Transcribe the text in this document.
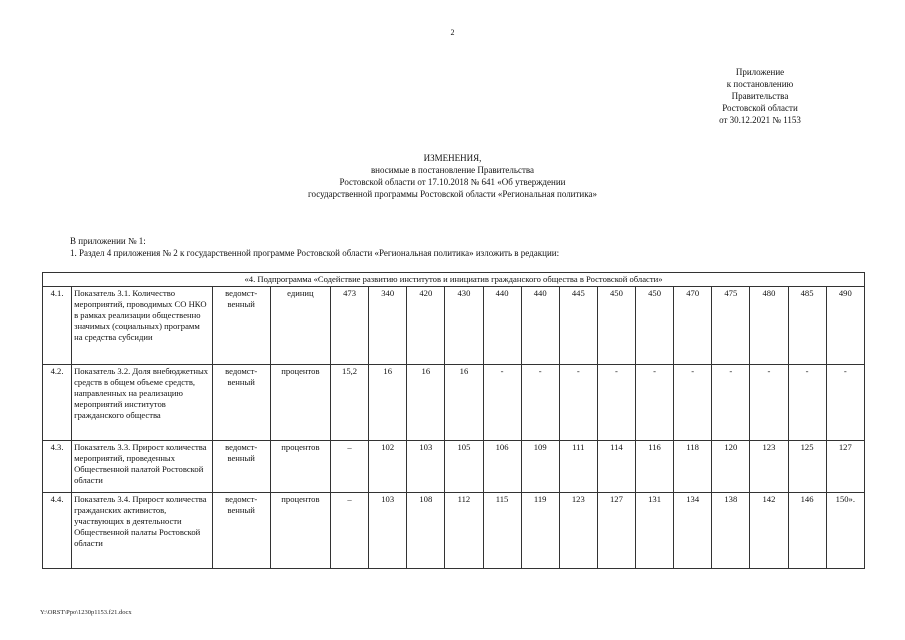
2
Приложение
к постановлению
Правительства
Ростовской области
от 30.12.2021 № 1153
ИЗМЕНЕНИЯ,
вносимые в постановление Правительства
Ростовской области от 17.10.2018 № 641 «Об утверждении
государственной программы Ростовской области «Региональная политика»
В приложении № 1:
1. Раздел 4 приложения № 2 к государственной программе Ростовской области «Региональная политика» изложить в редакции:
«4. Подпрограмма «Содействие развитию институтов и инициатив гражданского общества в Ростовской области»																	
4.1.	Показатель 3.1. Количество мероприятий, проводимых СО НКО в рамках реализации общественно значимых (социальных) программ на средства субсидии	ведомст- венный	единиц	473	340	420	430	440	440	445	450	450	470	475	480	485	490
4.2.	Показатель 3.2. Доля внебюджетных средств в общем объеме средств, направленных на реализацию мероприятий институтов гражданского общества	ведомст- венный	процентов	15,2	16	16	16	-	-	-	-	-	-	-	-	-	-
4.3.	Показатель 3.3. Прирост количества мероприятий, проведенных Общественной палатой Ростовской области	ведомст- венный	процентов	–	102	103	105	106	109	111	114	116	118	120	123	125	127
4.4.	Показатель 3.4. Прирост количества гражданских активистов, участвующих в деятельности Общественной палаты Ростовской области	ведомст- венный	процентов	–	103	108	112	115	119	123	127	131	134	138	142	146	150».
Y:\ORST\Ppo\1230p1153.f21.docx
